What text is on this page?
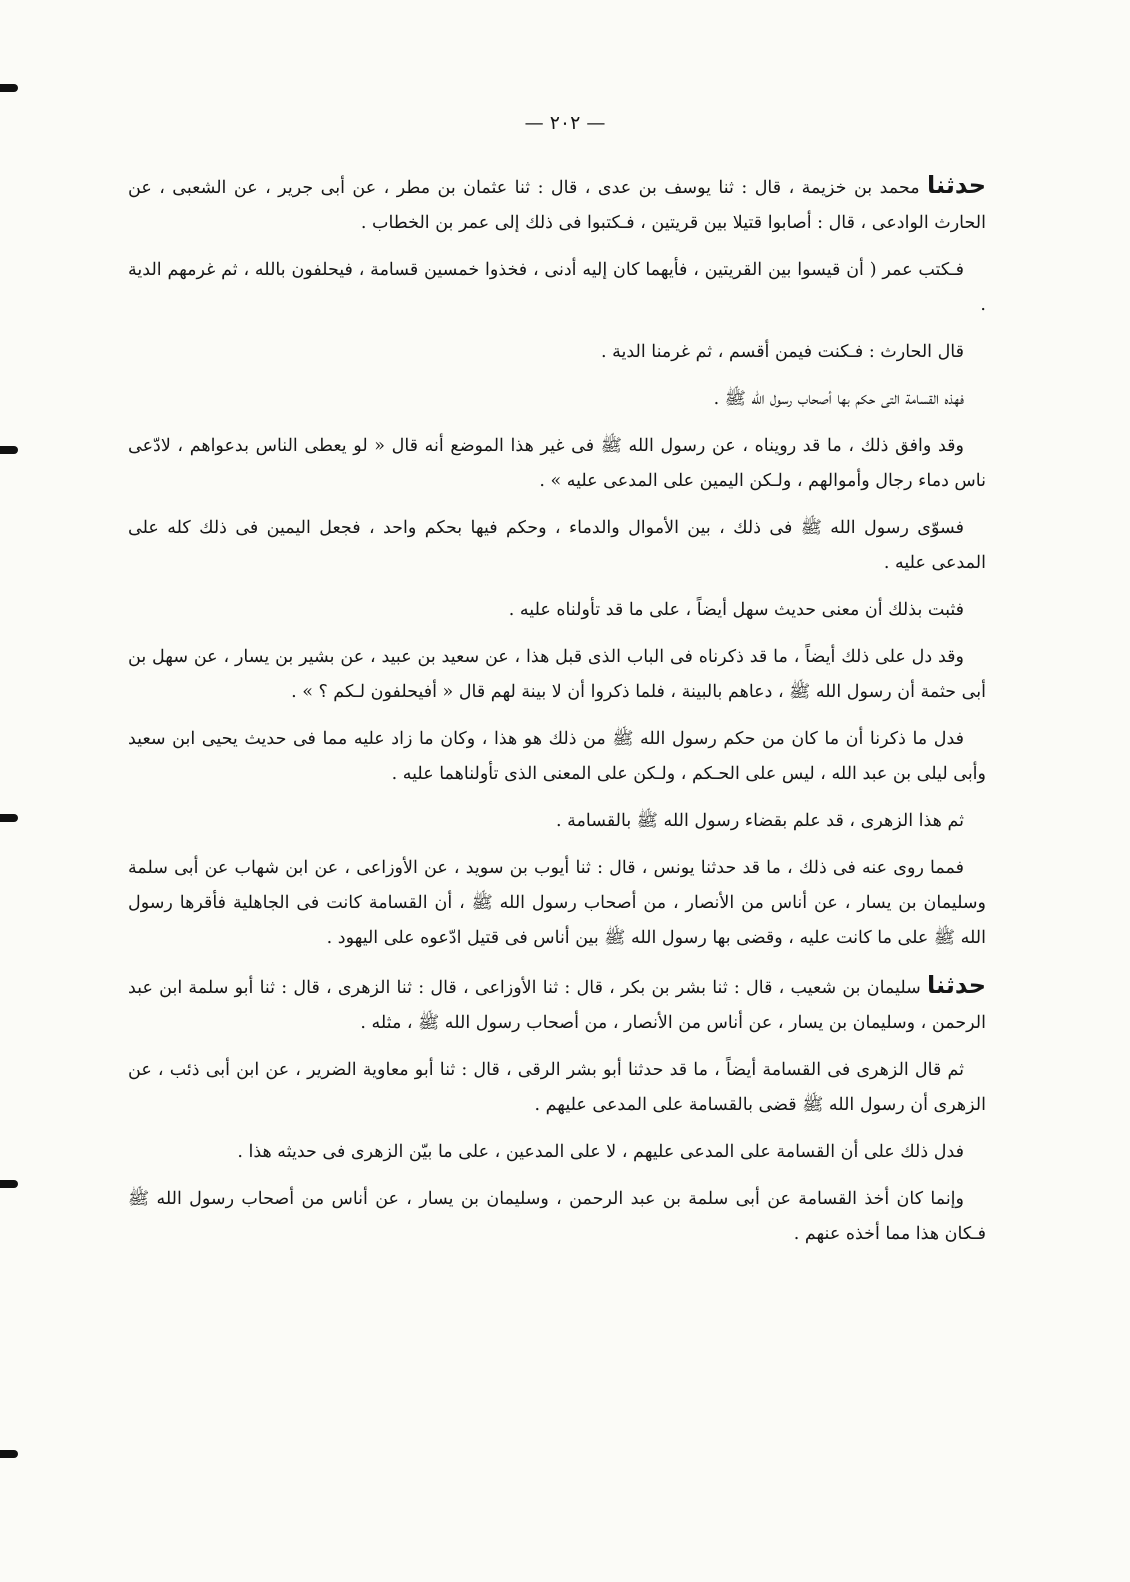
— ٢٠٢ —

حدثنا محمد بن خزيمة ، قال : ثنا يوسف بن عدى ، قال : ثنا عثمان بن مطر ، عن أبى جرير ، عن الشعبى ، عن الحارث الوادعى ، قال : أصابوا قتيلا بين قريتين ، فـكتبوا فى ذلك إلى عمر بن الخطاب .

فـكتب عمر ( أن قيسوا بين القريتين ، فأيهما كان إليه أدنى ، فخذوا خمسين قسامة ، فيحلفون بالله ، ثم غرمهم الدية .

قال الحارث : فـكنت فيمن أقسم ، ثم غرمنا الدية .

فهذه القسامة التى حكم بها أصحاب رسول الله ﷺ .

وقد وافق ذلك ، ما قد رويناه ، عن رسول الله ﷺ فى غير هذا الموضع أنه قال « لو يعطى الناس بدعواهم ، لادّعى ناس دماء رجال وأموالهم ، ولـكن اليمين على المدعى عليه » .

فسوّى رسول الله ﷺ فى ذلك ، بين الأموال والدماء ، وحكم فيها بحكم واحد ، فجعل اليمين فى ذلك كله على المدعى عليه .

فثبت بذلك أن معنى حديث سهل أيضاً ، على ما قد تأولناه عليه .

وقد دل على ذلك أيضاً ، ما قد ذكرناه فى الباب الذى قبل هذا ، عن سعيد بن عبيد ، عن بشير بن يسار ، عن سهل بن أبى حثمة أن رسول الله ﷺ ، دعاهم بالبينة ، فلما ذكروا أن لا بينة لهم قال « أفيحلفون لـكم ؟ » .

فدل ما ذكرنا أن ما كان من حكم رسول الله ﷺ من ذلك هو هذا ، وكان ما زاد عليه مما فى حديث يحيى ابن سعيد وأبى ليلى بن عبد الله ، ليس على الحـكم ، ولـكن على المعنى الذى تأولناهما عليه .

ثم هذا الزهرى ، قد علم بقضاء رسول الله ﷺ بالقسامة .

فمما روى عنه فى ذلك ، ما قد حدثنا يونس ، قال : ثنا أيوب بن سويد ، عن الأوزاعى ، عن ابن شهاب عن أبى سلمة وسليمان بن يسار ، عن أناس من الأنصار ، من أصحاب رسول الله ﷺ ، أن القسامة كانت فى الجاهلية فأقرها رسول الله ﷺ على ما كانت عليه ، وقضى بها رسول الله ﷺ بين أناس فى قتيل ادّعوه على اليهود .

حدثنا سليمان بن شعيب ، قال : ثنا بشر بن بكر ، قال : ثنا الأوزاعى ، قال : ثنا الزهرى ، قال : ثنا أبو سلمة ابن عبد الرحمن ، وسليمان بن يسار ، عن أناس من الأنصار ، من أصحاب رسول الله ﷺ ، مثله .

ثم قال الزهرى فى القسامة أيضاً ، ما قد حدثنا أبو بشر الرقى ، قال : ثنا أبو معاوية الضرير ، عن ابن أبى ذئب ، عن الزهرى أن رسول الله ﷺ قضى بالقسامة على المدعى عليهم .

فدل ذلك على أن القسامة على المدعى عليهم ، لا على المدعين ، على ما بيّن الزهرى فى حديثه هذا .

وإنما كان أخذ القسامة عن أبى سلمة بن عبد الرحمن ، وسليمان بن يسار ، عن أناس من أصحاب رسول الله ﷺ فـكان هذا مما أخذه عنهم .
